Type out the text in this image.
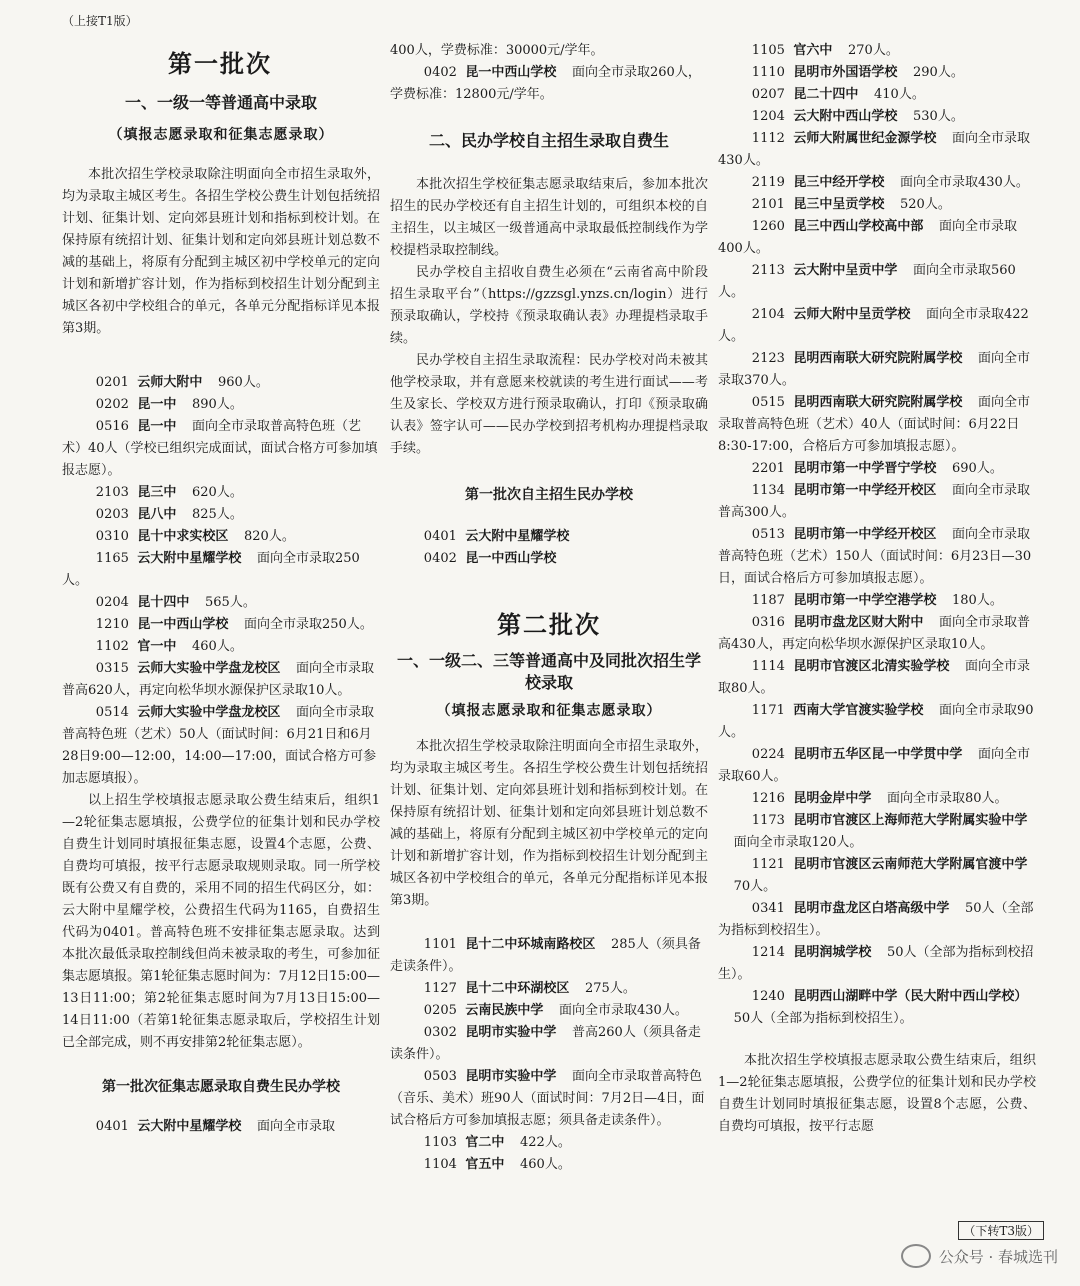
（上接T1版）
第一批次
一、一级一等普通高中录取
（填报志愿录取和征集志愿录取）

本批次招生学校录取除注明面向全市招生录取外，均为录取主城区考生。各招生学校公费生计划包括统招计划、征集计划、定向郊县班计划和指标到校计划。在保持原有统招计划、征集计划和定向郊县班计划总数不减的基础上，将原有分配到主城区初中学校单元的定向计划和新增扩容计划，作为指标到校招生计划分配到主城区各初中学校组合的单元，各单元分配指标详见本报第3期。

0201 云师大附中 960人。
0202 昆一中 890人。
0516 昆一中 面向全市录取普高特色班（艺术）40人（学校已组织完成面试，面试合格方可参加填报志愿）。
2103 昆三中 620人。
0203 昆八中 825人。
0310 昆十中求实校区 820人。
1165 云大附中星耀学校 面向全市录取250人。
0204 昆十四中 565人。
1210 昆一中西山学校 面向全市录取250人。
1102 官一中 460人。
0315 云师大实验中学盘龙校区 面向全市录取普高620人，再定向松华坝水源保护区录取10人。
0514 云师大实验中学盘龙校区 面向全市录取普高特色班（艺术）50人（面试时间：6月21日和6月28日9:00—12:00，14:00—17:00，面试合格方可参加志愿填报）。

以上招生学校填报志愿录取公费生结束后，组织1—2轮征集志愿填报，公费学位的征集计划和民办学校自费生计划同时填报征集志愿，设置4个志愿，公费、自费均可填报，按平行志愿录取规则录取。同一所学校既有公费又有自费的，采用不同的招生代码区分，如：云大附中星耀学校，公费招生代码为1165，自费招生代码为0401。普高特色班不安排征集志愿录取。达到本批次最低录取控制线但尚未被录取的考生，可参加征集志愿填报。第1轮征集志愿时间为：7月12日15:00—13日11:00；第2轮征集志愿时间为7月13日15:00—14日11:00（若第1轮征集志愿录取后，学校招生计划已全部完成，则不再安排第2轮征集志愿）。

第一批次征集志愿录取自费生民办学校
0401 云大附中星耀学校 面向全市录取

400人，学费标准：30000元/学年。

0402 昆一中西山学校 面向全市录取260人，学费标准：12800元/学年。
二、民办学校自主招生录取自费生

本批次招生学校征集志愿录取结束后，参加本批次招生的民办学校还有自主招生计划的，可组织本校的自主招生，以主城区一级普通高中录取最低控制线作为学校提档录取控制线。

民办学校自主招收自费生必须在“云南省高中阶段招生录取平台”（https://gzzsgl.ynzs.cn/login）进行预录取确认，学校持《预录取确认表》办理提档录取手续。

民办学校自主招生录取流程：民办学校对尚未被其他学校录取，并有意愿来校就读的考生进行面试——考生及家长、学校双方进行预录取确认，打印《预录取确认表》签字认可——民办学校到招考机构办理提档录取手续。

第一批次自主招生民办学校
0401 云大附中星耀学校
0402 昆一中西山学校
第二批次
一、一级二、三等普通高中及同批次招生学校录取
（填报志愿录取和征集志愿录取）

本批次招生学校录取除注明面向全市招生录取外，均为录取主城区考生。各招生学校公费生计划包括统招计划、征集计划、定向郊县班计划和指标到校计划。在保持原有统招计划、征集计划和定向郊县班计划总数不减的基础上，将原有分配到主城区初中学校单元的定向计划和新增扩容计划，作为指标到校招生计划分配到主城区各初中学校组合的单元，各单元分配指标详见本报第3期。

1101 昆十二中环城南路校区 285人（须具备走读条件）。
1127 昆十二中环湖校区 275人。
0205 云南民族中学 面向全市录取430人。
0302 昆明市实验中学 普高260人（须具备走读条件）。
0503 昆明市实验中学 面向全市录取普高特色（音乐、美术）班90人（面试时间：7月2日—4日，面试合格后方可参加填报志愿；须具备走读条件）。
1103 官二中 422人。
1104 官五中 460人。
1105 官六中 270人。
1110 昆明市外国语学校 290人。
0207 昆二十四中 410人。
1204 云大附中西山学校 530人。
1112 云师大附属世纪金源学校 面向全市录取430人。
2119 昆三中经开学校 面向全市录取430人。
2101 昆三中呈贡学校 520人。
1260 昆三中西山学校高中部 面向全市录取400人。
2113 云大附中呈贡中学 面向全市录取560人。
2104 云师大附中呈贡学校 面向全市录取422人。
2123 昆明西南联大研究院附属学校 面向全市录取370人。
0515 昆明西南联大研究院附属学校 面向全市录取普高特色班（艺术）40人（面试时间：6月22日8:30-17:00，合格后方可参加填报志愿）。
2201 昆明市第一中学晋宁学校 690人。
1134 昆明市第一中学经开校区 面向全市录取普高300人。
0513 昆明市第一中学经开校区 面向全市录取普高特色班（艺术）150人（面试时间：6月23日—30日，面试合格后方可参加填报志愿）。
1187 昆明市第一中学空港学校 180人。
0316 昆明市盘龙区财大附中 面向全市录取普高430人，再定向松华坝水源保护区录取10人。
1114 昆明市官渡区北清实验学校 面向全市录取80人。
1171 西南大学官渡实验学校 面向全市录取90人。
0224 昆明市五华区昆一中学贯中学 面向全市录取60人。
1216 昆明金岸中学 面向全市录取80人。
1173 昆明市官渡区上海师范大学附属实验中学面向全市录取120人。
1121 昆明市官渡区云南师范大学附属官渡中学70人。
0341 昆明市盘龙区白塔高级中学 50人（全部为指标到校招生）。
1214 昆明润城学校 50人（全部为指标到校招生）。
1240 昆明西山湖畔中学（民大附中西山学校）50人（全部为指标到校招生）。

本批次招生学校填报志愿录取公费生结束后，组织1—2轮征集志愿填报，公费学位的征集计划和民办学校自费生计划同时填报征集志愿，设置8个志愿，公费、自费均可填报，按平行志愿

（下转T3版）
公众号 · 春城选刊
